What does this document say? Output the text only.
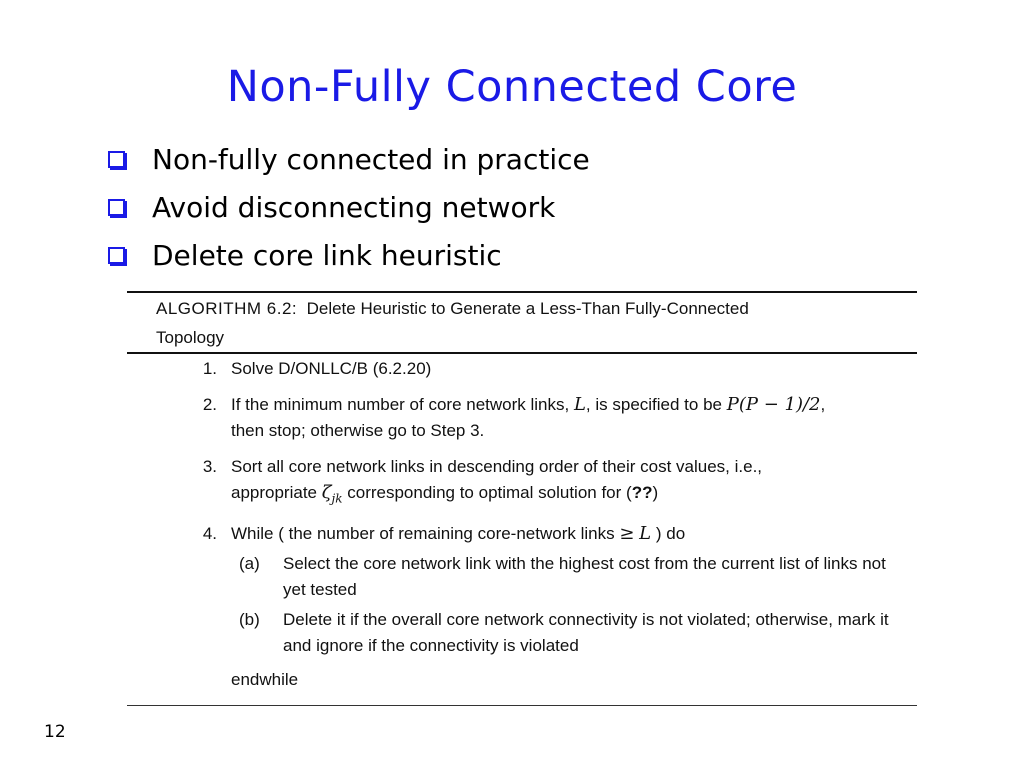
Non-Fully Connected Core
Non-fully connected in practice
Avoid disconnecting network
Delete core link heuristic
ALGORITHM 6.2: Delete Heuristic to Generate a Less-Than Fully-Connected
Topology
1. Solve D/ONLLC/B (6.2.20)
2. If the minimum number of core network links, L, is specified to be P(P − 1)/2,
then stop; otherwise go to Step 3.
3. Sort all core network links in descending order of their cost values, i.e.,
appropriate $\zeta_{jk}$ corresponding to optimal solution for (??)
4. While ( the number of remaining core-network links ≥ L ) do
(a)	Select the core network link with the highest cost from the current list of links not yet tested
(b)	Delete it if the overall core network connectivity is not violated; otherwise, mark it and ignore if the connectivity is violated
endwhile
12
